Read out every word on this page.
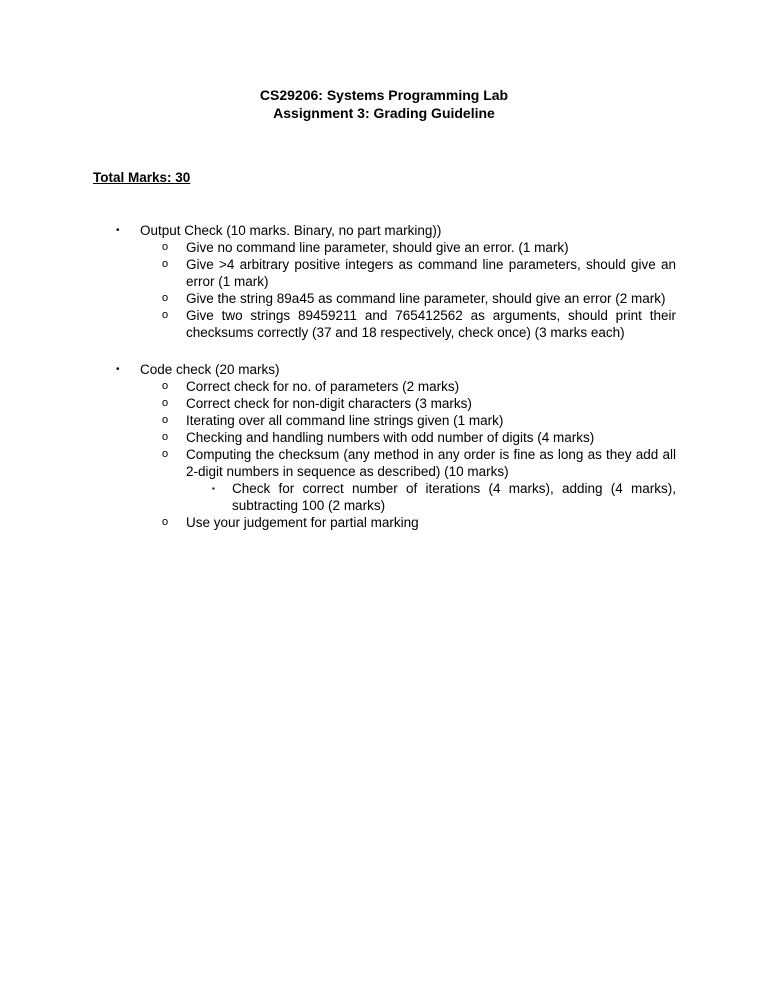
CS29206: Systems Programming Lab
Assignment 3: Grading Guideline
Total Marks: 30
• Output Check (10 marks. Binary, no part marking))
o Give no command line parameter, should give an error. (1 mark)
o Give >4 arbitrary positive integers as command line parameters, should give an error (1 mark)
o Give the string 89a45 as command line parameter, should give an error (2 mark)
o Give two strings 89459211 and 765412562 as arguments, should print their checksums correctly (37 and 18 respectively, check once) (3 marks each)
• Code check (20 marks)
o Correct check for no. of parameters (2 marks)
o Correct check for non-digit characters (3 marks)
o Iterating over all command line strings given (1 mark)
o Checking and handling numbers with odd number of digits (4 marks)
o Computing the checksum (any method in any order is fine as long as they add all 2-digit numbers in sequence as described) (10 marks)
▪ Check for correct number of iterations (4 marks), adding (4 marks), subtracting 100 (2 marks)
o Use your judgement for partial marking
